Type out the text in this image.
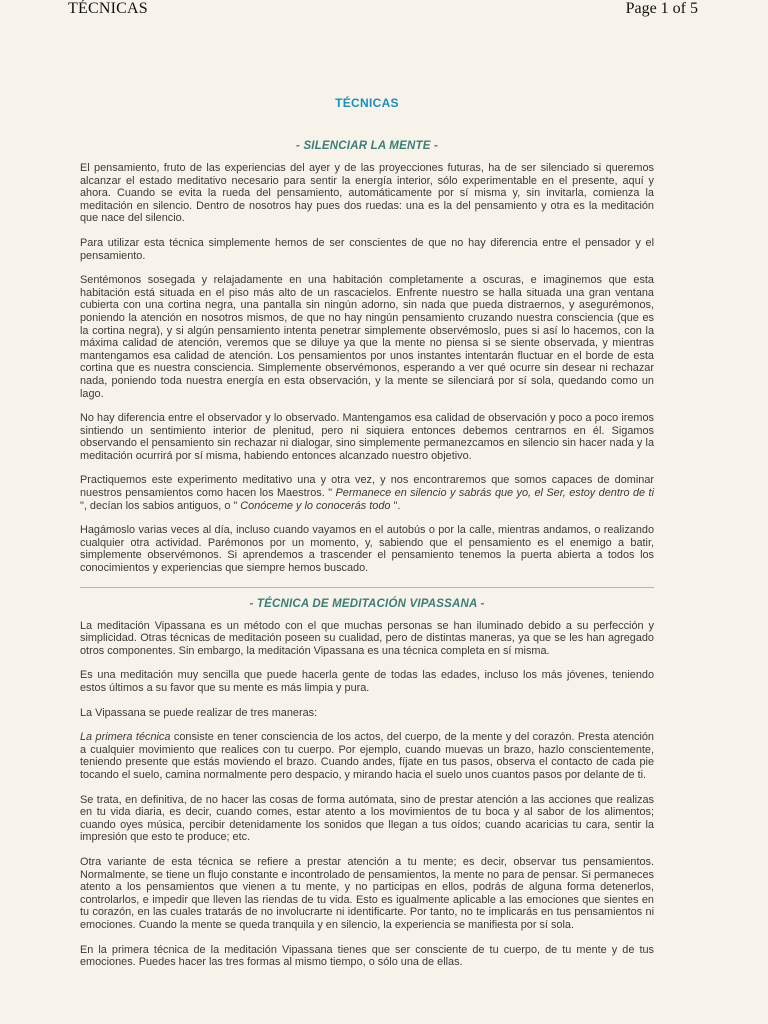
TÉCNICAS	Page 1 of 5
TÉCNICAS
- SILENCIAR LA MENTE -

El pensamiento, fruto de las experiencias del ayer y de las proyecciones futuras, ha de ser silenciado si queremos alcanzar el estado meditativo necesario para sentir la energía interior, sólo experimentable en el presente, aquí y ahora. Cuando se evita la rueda del pensamiento, automáticamente por sí misma y, sin invitarla, comienza la meditación en silencio. Dentro de nosotros hay pues dos ruedas: una es la del pensamiento y otra es la meditación que nace del silencio.

Para utilizar esta técnica simplemente hemos de ser conscientes de que no hay diferencia entre el pensador y el pensamiento.

Sentémonos sosegada y relajadamente en una habitación completamente a oscuras, e imaginemos que esta habitación está situada en el piso más alto de un rascacielos. Enfrente nuestro se halla situada una gran ventana cubierta con una cortina negra, una pantalla sin ningún adorno, sin nada que pueda distraernos, y asegurémonos, poniendo la atención en nosotros mismos, de que no hay ningún pensamiento cruzando nuestra consciencia (que es la cortina negra), y si algún pensamiento intenta penetrar simplemente observémoslo, pues si así lo hacemos, con la máxima calidad de atención, veremos que se diluye ya que la mente no piensa si se siente observada, y mientras mantengamos esa calidad de atención. Los pensamientos por unos instantes intentarán fluctuar en el borde de esta cortina que es nuestra consciencia. Simplemente observémonos, esperando a ver qué ocurre sin desear ni rechazar nada, poniendo toda nuestra energía en esta observación, y la mente se silenciará por sí sola, quedando como un lago.

No hay diferencia entre el observador y lo observado. Mantengamos esa calidad de observación y poco a poco iremos sintiendo un sentimiento interior de plenitud, pero ni siquiera entonces debemos centrarnos en él. Sigamos observando el pensamiento sin rechazar ni dialogar, sino simplemente permanezcamos en silencio sin hacer nada y la meditación ocurrirá por sí misma, habiendo entonces alcanzado nuestro objetivo.

Practiquemos este experimento meditativo una y otra vez, y nos encontraremos que somos capaces de dominar nuestros pensamientos como hacen los Maestros. " Permanece en silencio y sabrás que yo, el Ser, estoy dentro de ti ", decían los sabios antiguos, o " Conóceme y lo conocerás todo ".

Hagámoslo varias veces al día, incluso cuando vayamos en el autobús o por la calle, mientras andamos, o realizando cualquier otra actividad. Parémonos por un momento, y, sabiendo que el pensamiento es el enemigo a batir, simplemente observémonos. Si aprendemos a trascender el pensamiento tenemos la puerta abierta a todos los conocimientos y experiencias que siempre hemos buscado.

- TÉCNICA DE MEDITACIÓN VIPASSANA -

La meditación Vipassana es un método con el que muchas personas se han iluminado debido a su perfección y simplicidad. Otras técnicas de meditación poseen su cualidad, pero de distintas maneras, ya que se les han agregado otros componentes. Sin embargo, la meditación Vipassana es una técnica completa en sí misma.

Es una meditación muy sencilla que puede hacerla gente de todas las edades, incluso los más jóvenes, teniendo estos últimos a su favor que su mente es más limpia y pura.

La Vipassana se puede realizar de tres maneras:

La primera técnica consiste en tener consciencia de los actos, del cuerpo, de la mente y del corazón. Presta atención a cualquier movimiento que realices con tu cuerpo. Por ejemplo, cuando muevas un brazo, hazlo conscientemente, teniendo presente que estás moviendo el brazo. Cuando andes, fíjate en tus pasos, observa el contacto de cada pie tocando el suelo, camina normalmente pero despacio, y mirando hacia el suelo unos cuantos pasos por delante de ti.

Se trata, en definitiva, de no hacer las cosas de forma autómata, sino de prestar atención a las acciones que realizas en tu vida diaria, es decir, cuando comes, estar atento a los movimientos de tu boca y al sabor de los alimentos; cuando oyes música, percibir detenidamente los sonidos que llegan a tus oídos; cuando acaricias tu cara, sentir la impresión que esto te produce; etc.

Otra variante de esta técnica se refiere a prestar atención a tu mente; es decir, observar tus pensamientos. Normalmente, se tiene un flujo constante e incontrolado de pensamientos, la mente no para de pensar. Si permaneces atento a los pensamientos que vienen a tu mente, y no participas en ellos, podrás de alguna forma detenerlos, controlarlos, e impedir que lleven las riendas de tu vida. Esto es igualmente aplicable a las emociones que sientes en tu corazón, en las cuales tratarás de no involucrarte ni identificarte. Por tanto, no te implicarás en tus pensamientos ni emociones. Cuando la mente se queda tranquila y en silencio, la experiencia se manifiesta por sí sola.

En la primera técnica de la meditación Vipassana tienes que ser consciente de tu cuerpo, de tu mente y de tus emociones. Puedes hacer las tres formas al mismo tiempo, o sólo una de ellas.
